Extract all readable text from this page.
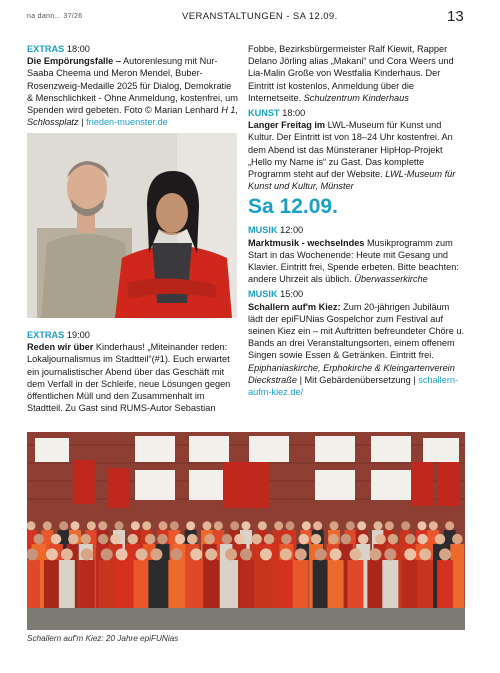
na dann... 37/26	VERANSTALTUNGEN - SA 12.09.	13

EXTRAS 18:00

Die Empörungsfalle – Autorenlesung mit Nur-Saaba Cheema und Meron Mendel, Buber-Rosenzweig-Medaille 2025 für Dialog, Demokratie & Menschlichkeit - Ohne Anmeldung, kostenfrei, um Spenden wird gebeten. Foto © Marian Lenhard H 1, Schlossplatz | frieden-muenster.de

EXTRAS 19:00

Reden wir über Kinderhaus! „Miteinander reden: Lokaljournalismus im Stadtteil“(#1). Euch erwartet ein journalistischer Abend über das Geschäft mit dem Verfall in der Schleife, neue Lösungen gegen öffentlichen Müll und den Zusammenhalt im Stadtteil. Zu Gast sind RUMS-Autor Sebastian

Fobbe, Bezirksbürgermeister Ralf Kiewit, Rapper Delano Jörling alias „Makani“ und Cora Weers und Lia-Malin Große von Westfalia Kinderhaus. Der Eintritt ist kostenlos, Anmeldung über die Internetseite. Schulzentrum Kinderhaus

KUNST 18:00

Langer Freitag im LWL-Museum für Kunst und Kultur. Der Eintritt ist von 18–24 Uhr kostenfrei. An dem Abend ist das Münsteraner HipHop-Projekt „Hello my Name is“ zu Gast. Das komplette Programm steht auf der Website. LWL-Museum für Kunst und Kultur, Münster

Sa 12.09.

MUSIK 12:00

Marktmusik - wechselndes Musikprogramm zum Start in das Wochenende: Heute mit Gesang und Klavier. Eintritt frei, Spende erbeten. Bitte beachten: andere Uhrzeit als üblich. Überwasserkirche

MUSIK 15:00

Schallern auf'm Kiez: Zum 20-jährigen Jubiläum lädt der epiFUNias Gospelchor zum Festival auf seinen Kiez ein – mit Auftritten befreundeter Chöre u. Bands an drei Veranstaltungsorten, einem offenem Singen sowie Essen & Getränken. Eintritt frei. Epiphaniaskirche, Erphokirche & Kleingartenverein Dieckstraße | Mit Gebärdenübersetzung | schallern-aufm-kiez.de/

Schallern auf'm Kiez: 20 Jahre epiFUNias
